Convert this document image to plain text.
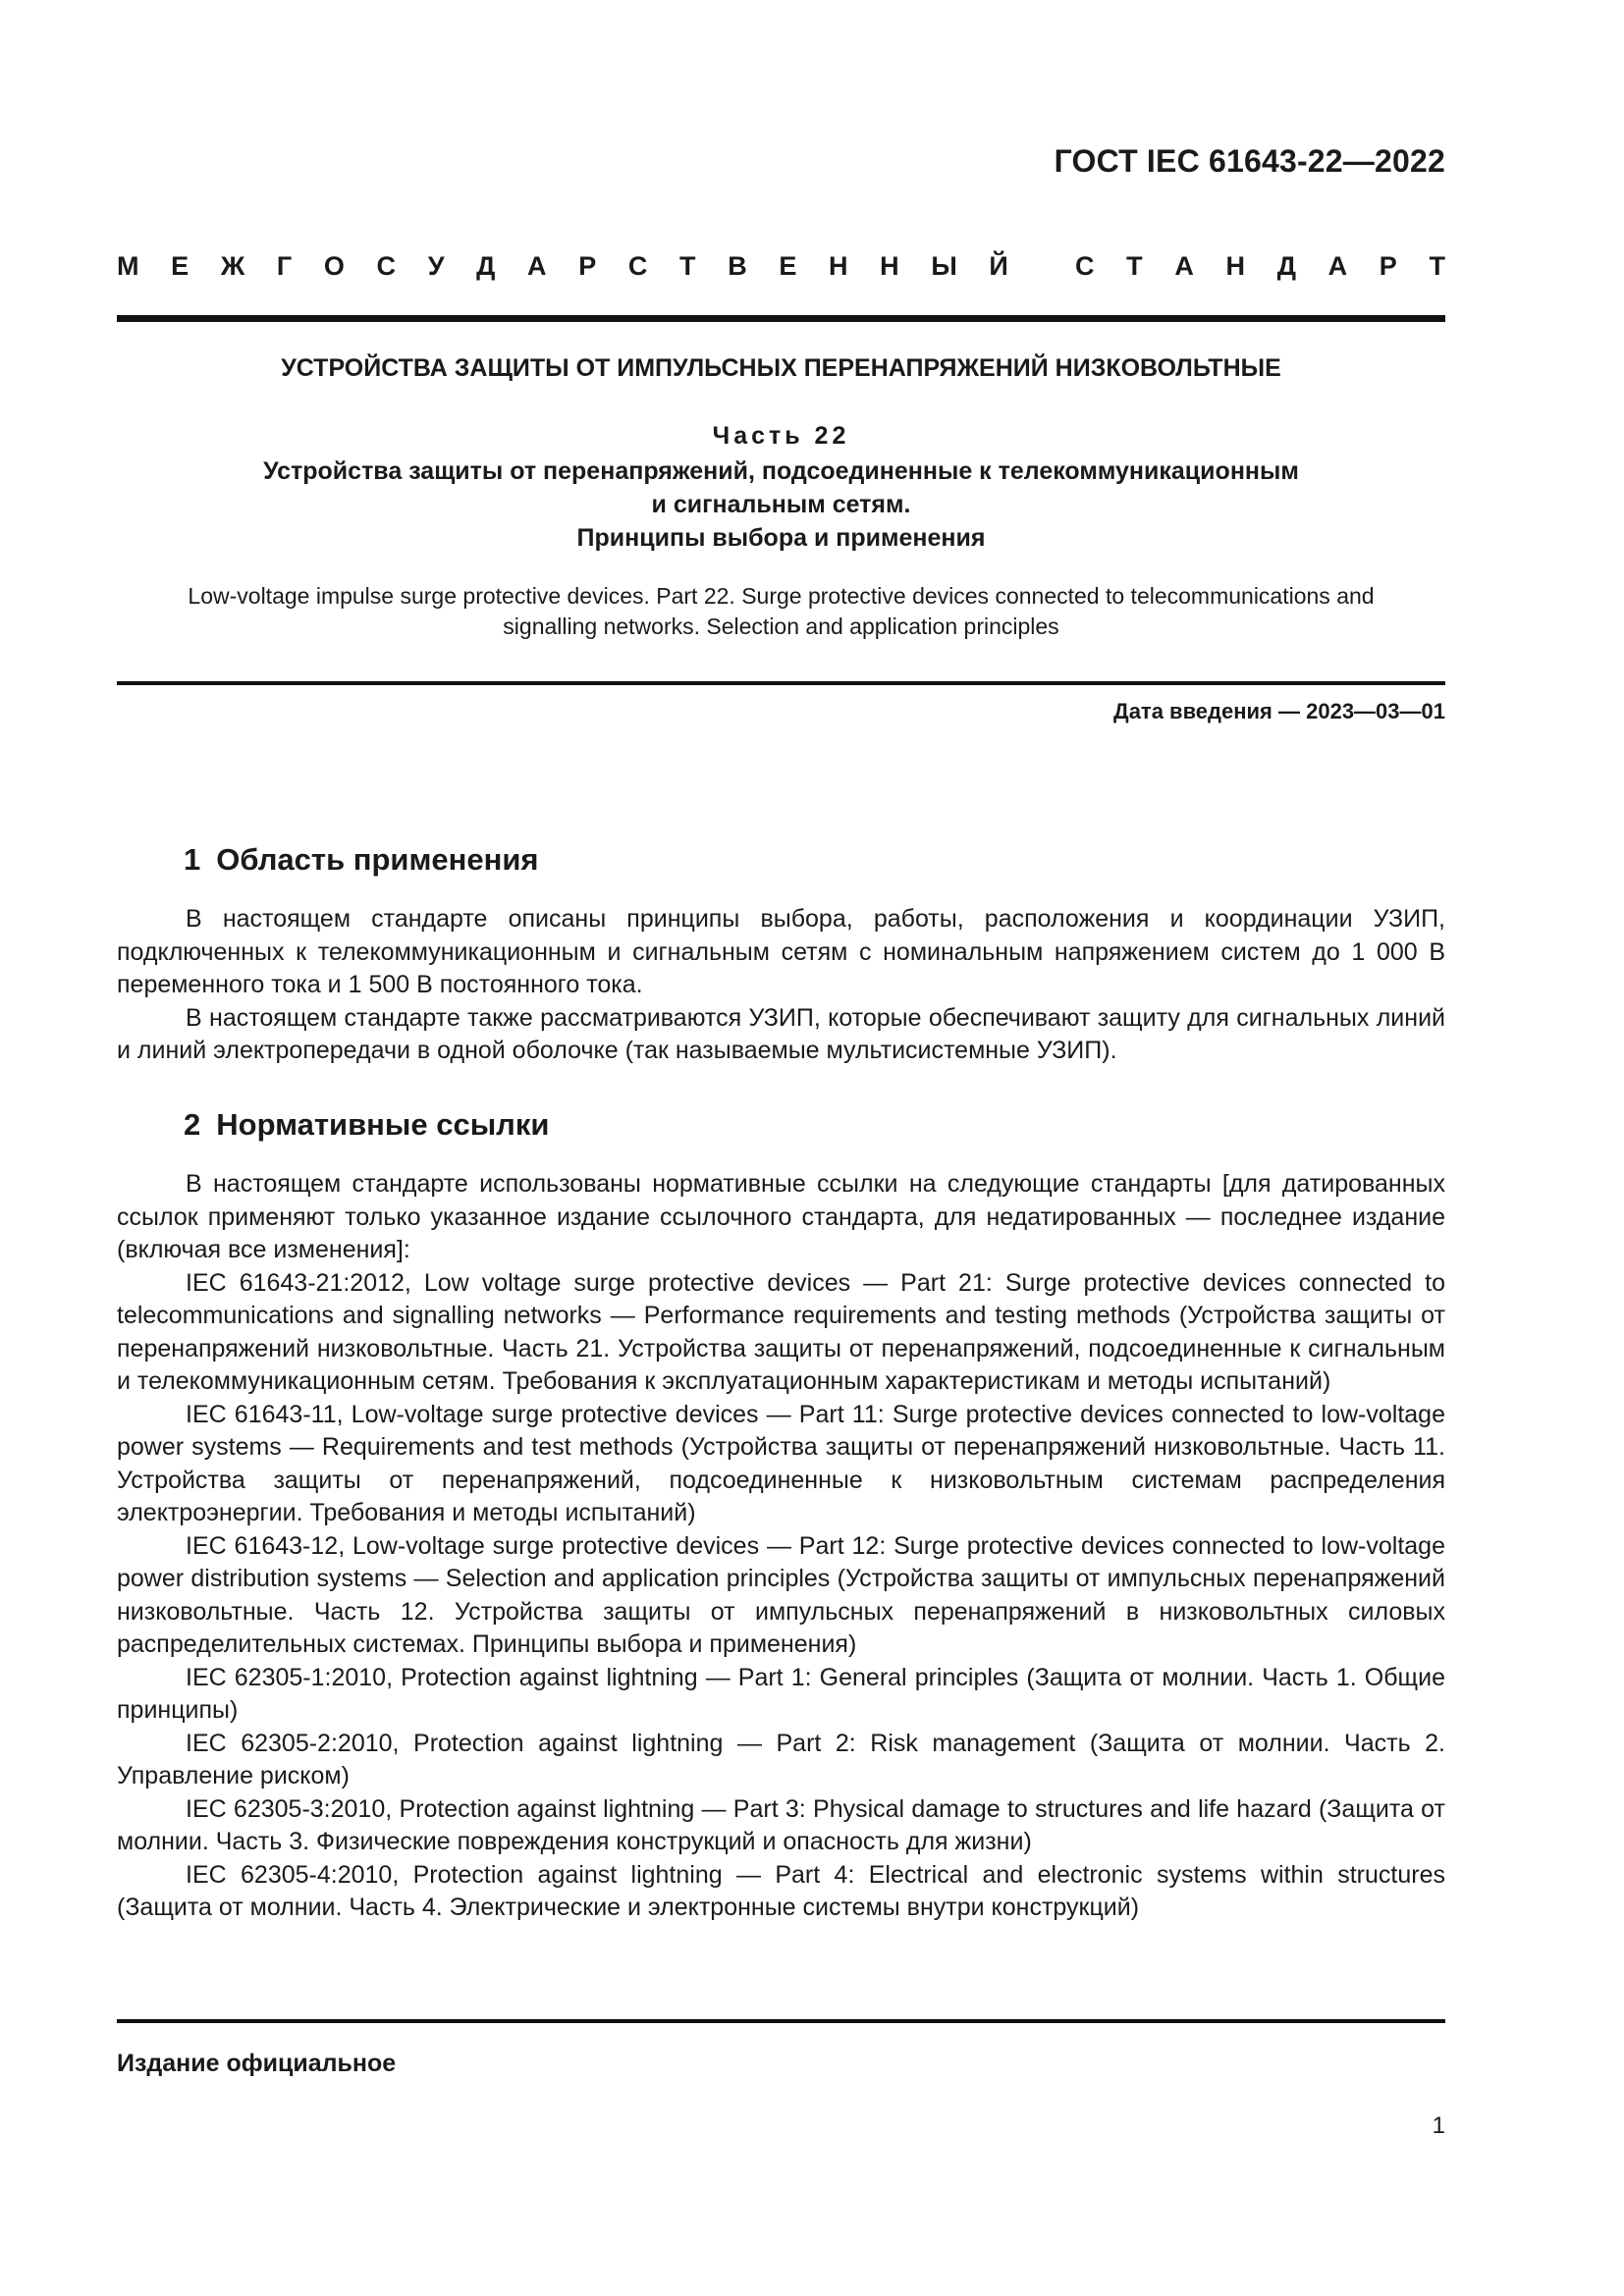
ГОСТ IEC 61643-22—2022
М Е Ж Г О С У Д А Р С Т В Е Н Н Ы Й	С Т А Н Д А Р Т
УСТРОЙСТВА ЗАЩИТЫ ОТ ИМПУЛЬСНЫХ ПЕРЕНАПРЯЖЕНИЙ НИЗКОВОЛЬТНЫЕ
Часть 22
Устройства защиты от перенапряжений, подсоединенные к телекоммуникационным
и сигнальным сетям.
Принципы выбора и применения
Low-voltage impulse surge protective devices. Part 22. Surge protective devices connected to telecommunications and
signalling networks. Selection and application principles
Дата введения — 2023—03—01
1 Область применения

В настоящем стандарте описаны принципы выбора, работы, расположения и координации УЗИП, подключенных к телекоммуникационным и сигнальным сетям с номинальным напряжением систем до 1 000 В переменного тока и 1 500 В постоянного тока.

В настоящем стандарте также рассматриваются УЗИП, которые обеспечивают защиту для сигнальных линий и линий электропередачи в одной оболочке (так называемые мультисистемные УЗИП).

2 Нормативные ссылки

В настоящем стандарте использованы нормативные ссылки на следующие стандарты [для датированных ссылок применяют только указанное издание ссылочного стандарта, для недатированных — последнее издание (включая все изменения]:

IEC 61643-21:2012, Low voltage surge protective devices — Part 21: Surge protective devices connected to telecommunications and signalling networks — Performance requirements and testing methods (Устройства защиты от перенапряжений низковольтные. Часть 21. Устройства защиты от перенапряжений, подсоединенные к сигнальным и телекоммуникационным сетям. Требования к эксплуатационным характеристикам и методы испытаний)

IEC 61643-11, Low-voltage surge protective devices — Part 11: Surge protective devices connected to low-voltage power systems — Requirements and test methods (Устройства защиты от перенапряжений низковольтные. Часть 11. Устройства защиты от перенапряжений, подсоединенные к низковольтным системам распределения электроэнергии. Требования и методы испытаний)

IEC 61643-12, Low-voltage surge protective devices — Part 12: Surge protective devices connected to low-voltage power distribution systems — Selection and application principles (Устройства защиты от импульсных перенапряжений низковольтные. Часть 12. Устройства защиты от импульсных перенапряжений в низковольтных силовых распределительных системах. Принципы выбора и применения)

IEC 62305-1:2010, Protection against lightning — Part 1: General principles (Защита от молнии. Часть 1. Общие принципы)

IEC 62305-2:2010, Protection against lightning — Part 2: Risk management (Защита от молнии. Часть 2. Управление риском)

IEC 62305-3:2010, Protection against lightning — Part 3: Physical damage to structures and life hazard (Защита от молнии. Часть 3. Физические повреждения конструкций и опасность для жизни)

IEC 62305-4:2010, Protection against lightning — Part 4: Electrical and electronic systems within structures (Защита от молнии. Часть 4. Электрические и электронные системы внутри конструкций)

Издание официальное
1
